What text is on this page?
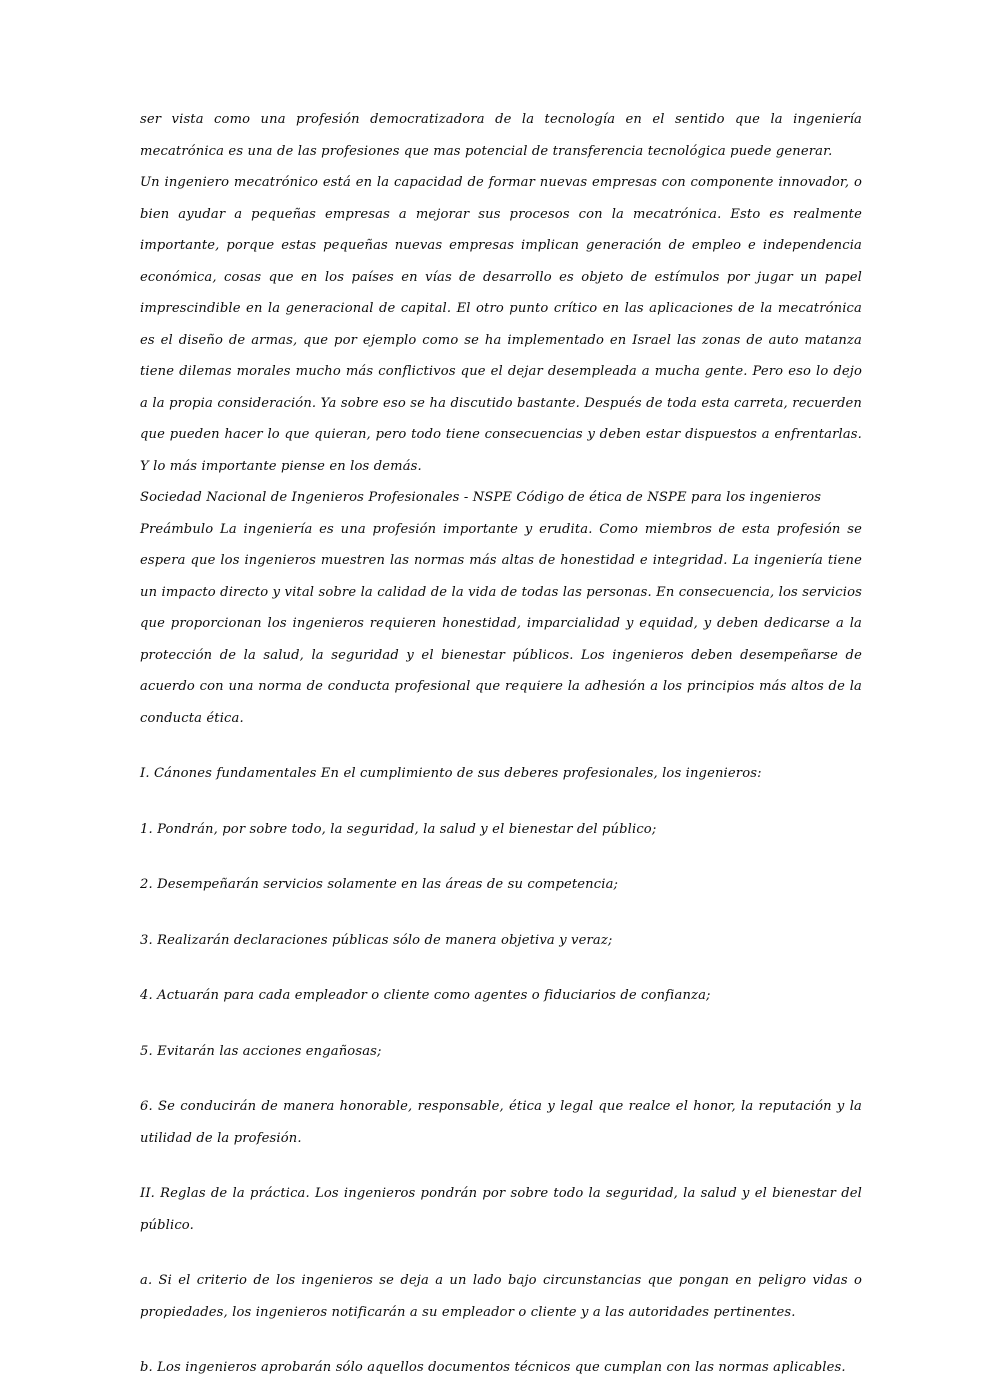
ser vista como una profesión democratizadora de la tecnología en el sentido que la ingeniería mecatrónica es una de las profesiones que mas potencial de transferencia tecnológica puede generar.

Un ingeniero mecatrónico está en la capacidad de formar nuevas empresas con componente innovador, o bien ayudar a pequeñas empresas a mejorar sus procesos con la mecatrónica. Esto es realmente importante, porque estas pequeñas nuevas empresas implican generación de empleo e independencia económica, cosas que en los países en vías de desarrollo es objeto de estímulos por jugar un papel imprescindible en la generacional de capital. El otro punto crítico en las aplicaciones de la mecatrónica es el diseño de armas, que por ejemplo como se ha implementado en Israel las zonas de auto matanza tiene dilemas morales mucho más conflictivos que el dejar desempleada a mucha gente. Pero eso lo dejo a la propia consideración. Ya sobre eso se ha discutido bastante. Después de toda esta carreta, recuerden que pueden hacer lo que quieran, pero todo tiene consecuencias y deben estar dispuestos a enfrentarlas. Y lo más importante piense en los demás.

Sociedad Nacional de Ingenieros Profesionales - NSPE Código de ética de NSPE para los ingenieros

Preámbulo La ingeniería es una profesión importante y erudita. Como miembros de esta profesión se espera que los ingenieros muestren las normas más altas de honestidad e integridad. La ingeniería tiene un impacto directo y vital sobre la calidad de la vida de todas las personas. En consecuencia, los servicios que proporcionan los ingenieros requieren honestidad, imparcialidad y equidad, y deben dedicarse a la protección de la salud, la seguridad y el bienestar públicos. Los ingenieros deben desempeñarse de acuerdo con una norma de conducta profesional que requiere la adhesión a los principios más altos de la conducta ética.

I. Cánones fundamentales En el cumplimiento de sus deberes profesionales, los ingenieros:

1. Pondrán, por sobre todo, la seguridad, la salud y el bienestar del público;

2. Desempeñarán servicios solamente en las áreas de su competencia;

3. Realizarán declaraciones públicas sólo de manera objetiva y veraz;

4. Actuarán para cada empleador o cliente como agentes o fiduciarios de confianza;

5. Evitarán las acciones engañosas;

6. Se conducirán de manera honorable, responsable, ética y legal que realce el honor, la reputación y la utilidad de la profesión.

II. Reglas de la práctica. Los ingenieros pondrán por sobre todo la seguridad, la salud y el bienestar del público.

a. Si el criterio de los ingenieros se deja a un lado bajo circunstancias que pongan en peligro vidas o propiedades, los ingenieros notificarán a su empleador o cliente y a las autoridades pertinentes.

b. Los ingenieros aprobarán sólo aquellos documentos técnicos que cumplan con las normas aplicables.
